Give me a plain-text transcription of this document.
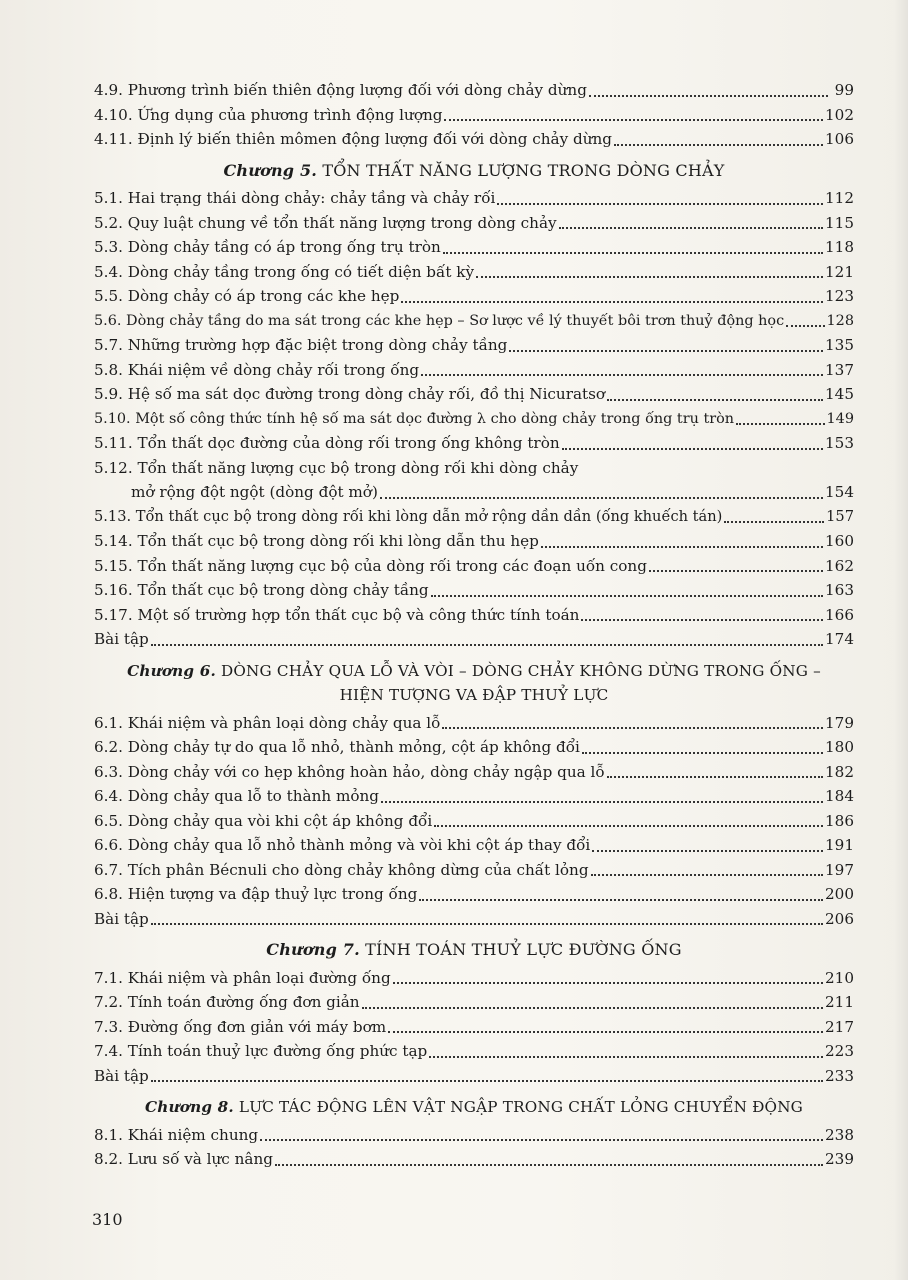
4.9. Phương trình biến thiên động lượng đối với dòng chảy dừng	99
4.10. Ứng dụng của phương trình động lượng	102
4.11. Định lý biến thiên mômen động lượng đối với dòng chảy dừng	106
Chương 5. TỔN THẤT NĂNG LƯỢNG TRONG DÒNG CHẢY
5.1. Hai trạng thái dòng chảy: chảy tầng và chảy rối	112
5.2. Quy luật chung về tổn thất năng lượng trong dòng chảy	115
5.3. Dòng chảy tầng có áp trong ống trụ tròn	118
5.4. Dòng chảy tầng trong ống có tiết diện bất kỳ	121
5.5. Dòng chảy có áp trong các khe hẹp	123
5.6. Dòng chảy tầng do ma sát trong các khe hẹp – Sơ lược về lý thuyết bôi trơn thuỷ động học	128
5.7. Những trường hợp đặc biệt trong dòng chảy tầng	135
5.8. Khái niệm về dòng chảy rối trong ống	137
5.9. Hệ số ma sát dọc đường trong dòng chảy rối, đồ thị Nicuratsơ	145
5.10. Một số công thức tính hệ số ma sát dọc đường λ cho dòng chảy trong ống trụ tròn	149
5.11. Tổn thất dọc đường của dòng rối trong ống không tròn	153
5.12. Tổn thất năng lượng cục bộ trong dòng rối khi dòng chảy
mở rộng đột ngột (dòng đột mở)	154
5.13. Tổn thất cục bộ trong dòng rối khi lòng dẫn mở rộng dần dần (ống khuếch tán)	157
5.14. Tổn thất cục bộ trong dòng rối khi lòng dẫn thu hẹp	160
5.15. Tổn thất năng lượng cục bộ của dòng rối trong các đoạn uốn cong	162
5.16. Tổn thất cục bộ trong dòng chảy tầng	163
5.17. Một số trường hợp tổn thất cục bộ và công thức tính toán	166
Bài tập	174
Chương 6. DÒNG CHẢY QUA LỖ VÀ VÒI – DÒNG CHẢY KHÔNG DỪNG TRONG ỐNG –
HIỆN TƯỢNG VA ĐẬP THUỶ LỰC
6.1. Khái niệm và phân loại dòng chảy qua lỗ	179
6.2. Dòng chảy tự do qua lỗ nhỏ, thành mỏng, cột áp không đổi	180
6.3. Dòng chảy với co hẹp không hoàn hảo, dòng chảy ngập qua lỗ	182
6.4. Dòng chảy qua lỗ to thành mỏng	184
6.5. Dòng chảy qua vòi khi cột áp không đổi	186
6.6. Dòng chảy qua lỗ nhỏ thành mỏng và vòi khi cột áp thay đổi	191
6.7. Tích phân Bécnuli cho dòng chảy không dừng của chất lỏng	197
6.8. Hiện tượng va đập thuỷ lực trong ống	200
Bài tập	206
Chương 7. TÍNH TOÁN THUỶ LỰC ĐƯỜNG ỐNG
7.1. Khái niệm và phân loại đường ống	210
7.2. Tính toán đường ống đơn giản	211
7.3. Đường ống đơn giản với máy bơm	217
7.4. Tính toán thuỷ lực đường ống phức tạp	223
Bài tập	233
Chương 8. LỰC TÁC ĐỘNG LÊN VẬT NGẬP TRONG CHẤT LỎNG CHUYỂN ĐỘNG
8.1. Khái niệm chung	238
8.2. Lưu số và lực nâng	239
310
